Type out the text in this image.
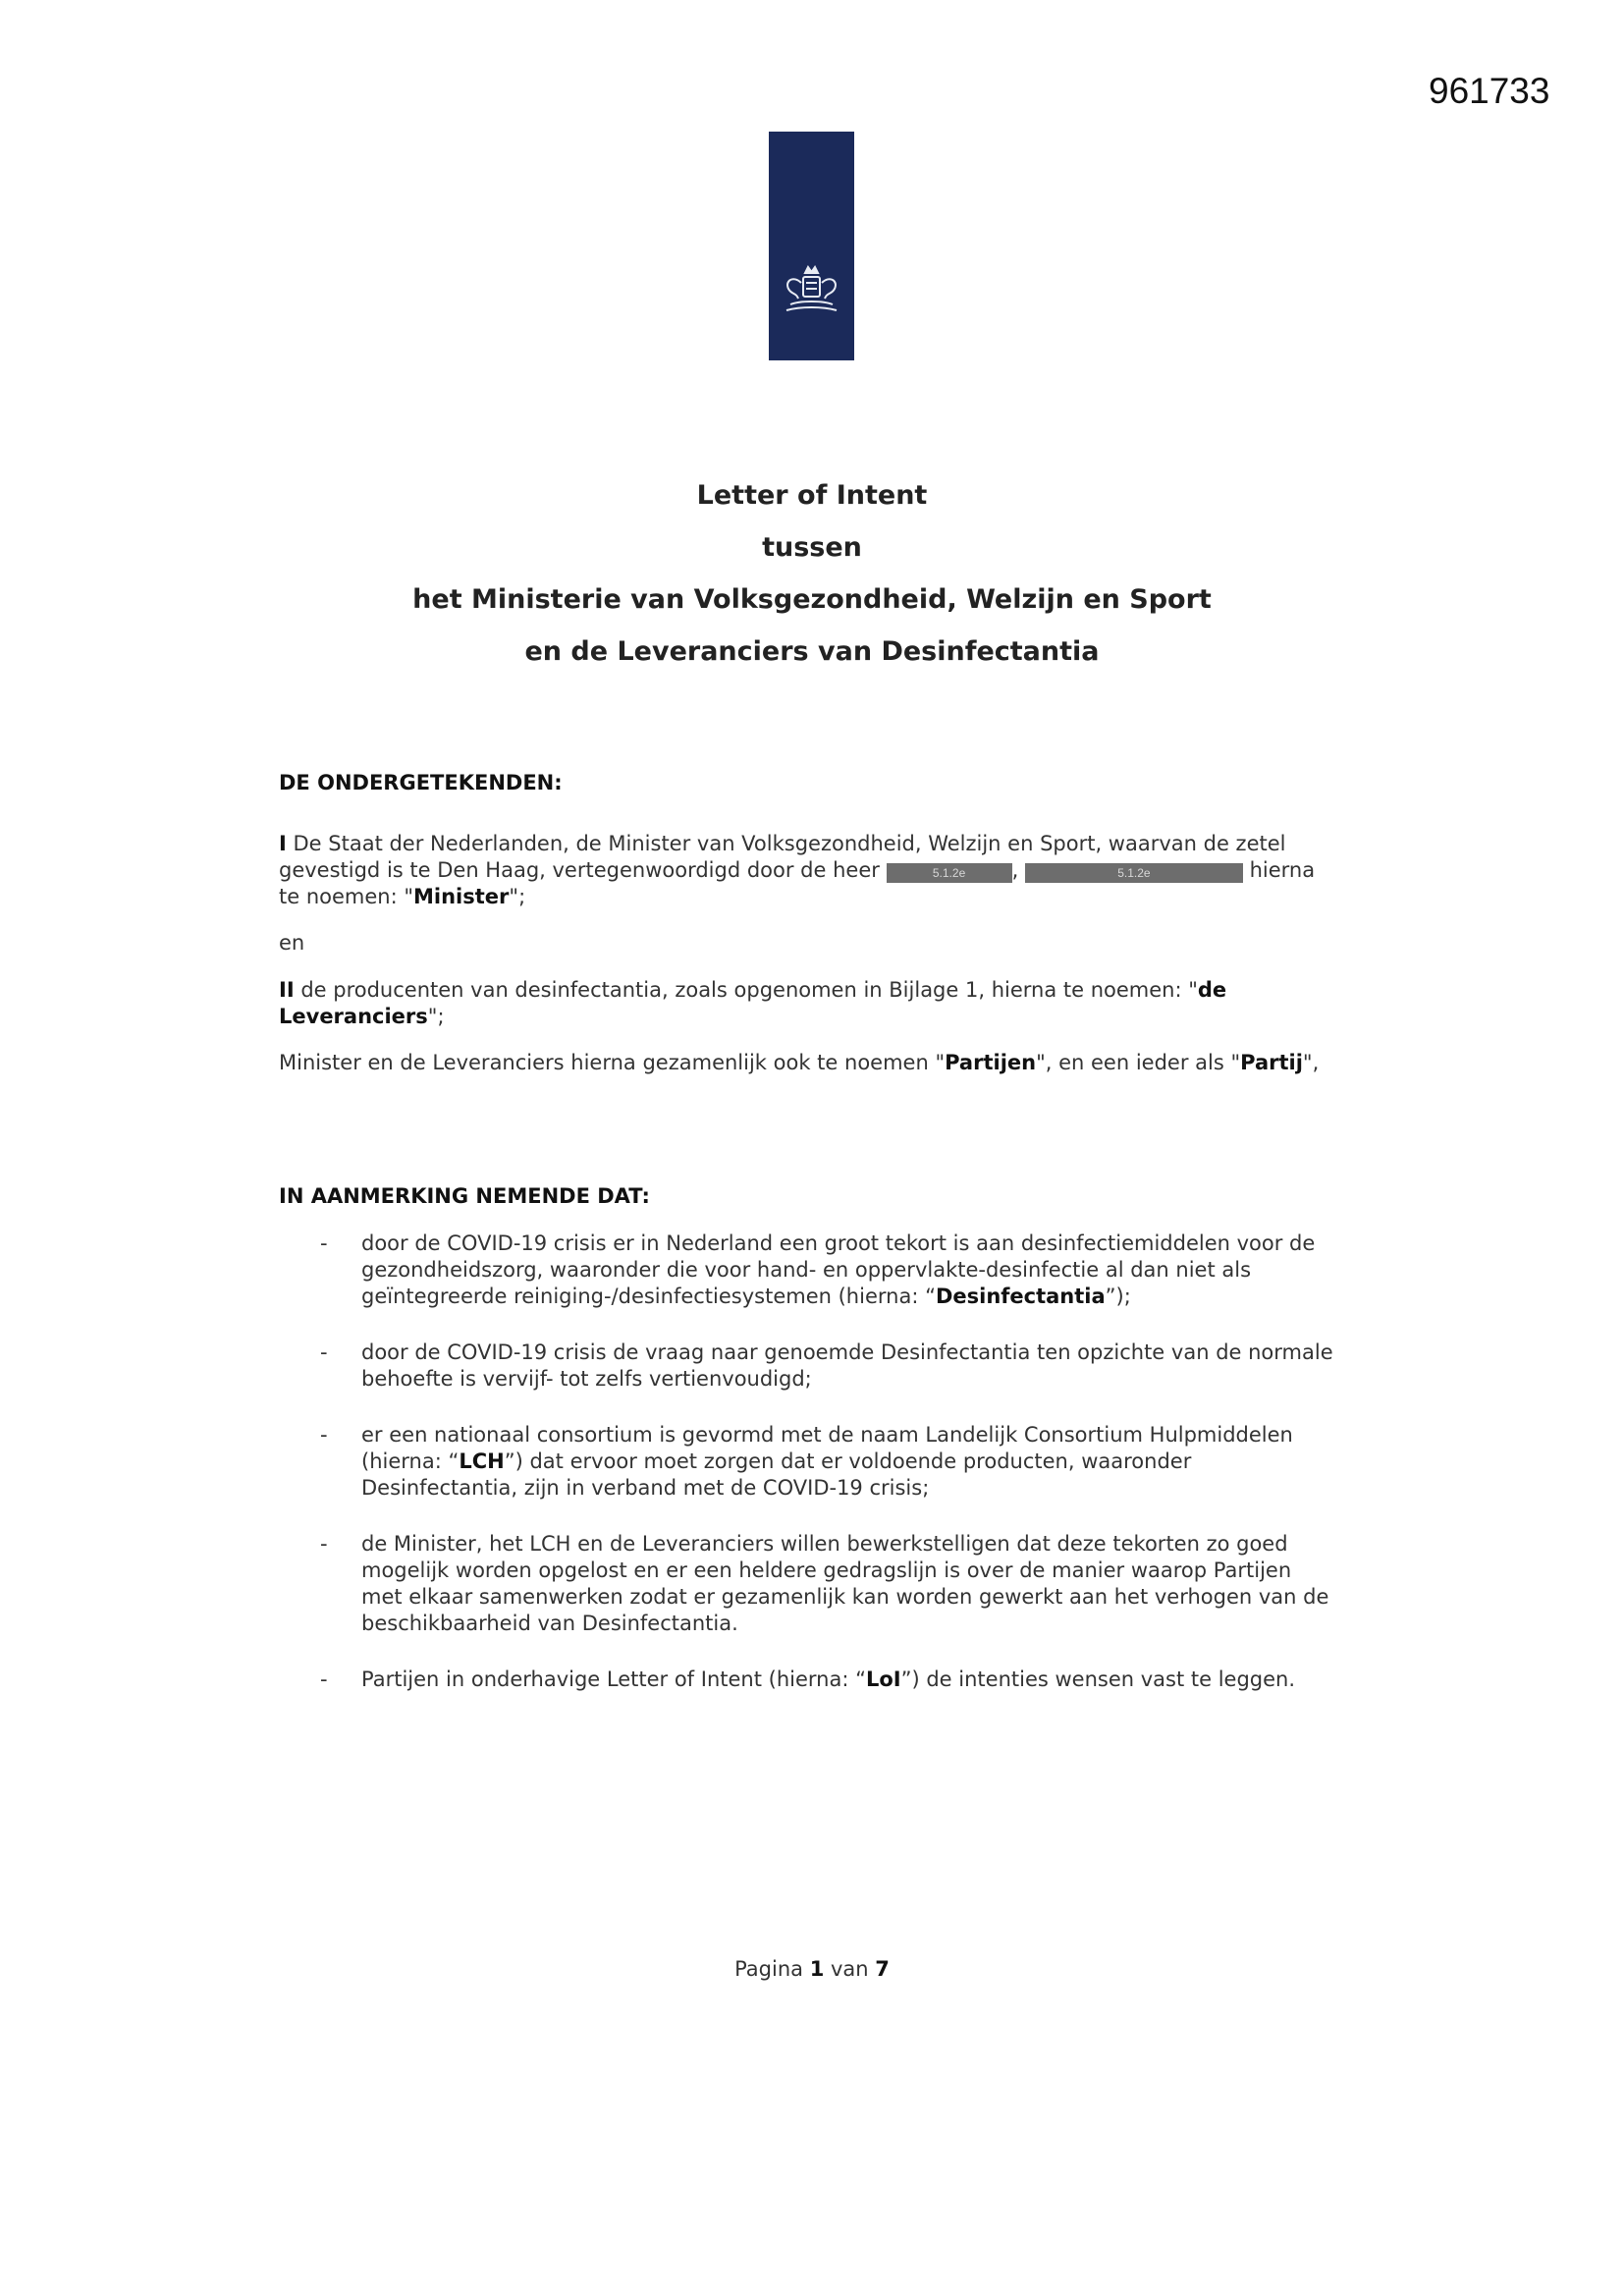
961733
Letter of Intent
tussen
het Ministerie van Volksgezondheid, Welzijn en Sport
en de Leveranciers van Desinfectantia
DE ONDERGETEKENDEN:

I De Staat der Nederlanden, de Minister van Volksgezondheid, Welzijn en Sport, waarvan de zetel gevestigd is te Den Haag, vertegenwoordigd door de heer	5.1.2e ,	5.1.2e	hierna te noemen: "Minister";

en

II de producenten van desinfectantia, zoals opgenomen in Bijlage 1, hierna te noemen: "de Leveranciers";

Minister en de Leveranciers hierna gezamenlijk ook te noemen "Partijen", en een ieder als "Partij",

IN AANMERKING NEMENDE DAT:
- door de COVID-19 crisis er in Nederland een groot tekort is aan desinfectiemiddelen voor de gezondheidszorg, waaronder die voor hand- en oppervlakte-desinfectie al dan niet als geïntegreerde reiniging-/desinfectiesystemen (hierna: “Desinfectantia”);
- door de COVID-19 crisis de vraag naar genoemde Desinfectantia ten opzichte van de normale behoefte is vervijf- tot zelfs vertienvoudigd;
- er een nationaal consortium is gevormd met de naam Landelijk Consortium Hulpmiddelen (hierna: “LCH”) dat ervoor moet zorgen dat er voldoende producten, waaronder Desinfectantia, zijn in verband met de COVID-19 crisis;
- de Minister, het LCH en de Leveranciers willen bewerkstelligen dat deze tekorten zo goed mogelijk worden opgelost en er een heldere gedragslijn is over de manier waarop Partijen met elkaar samenwerken zodat er gezamenlijk kan worden gewerkt aan het verhogen van de beschikbaarheid van Desinfectantia.
- Partijen in onderhavige Letter of Intent (hierna: “LoI”) de intenties wensen vast te leggen.
Pagina 1 van 7
